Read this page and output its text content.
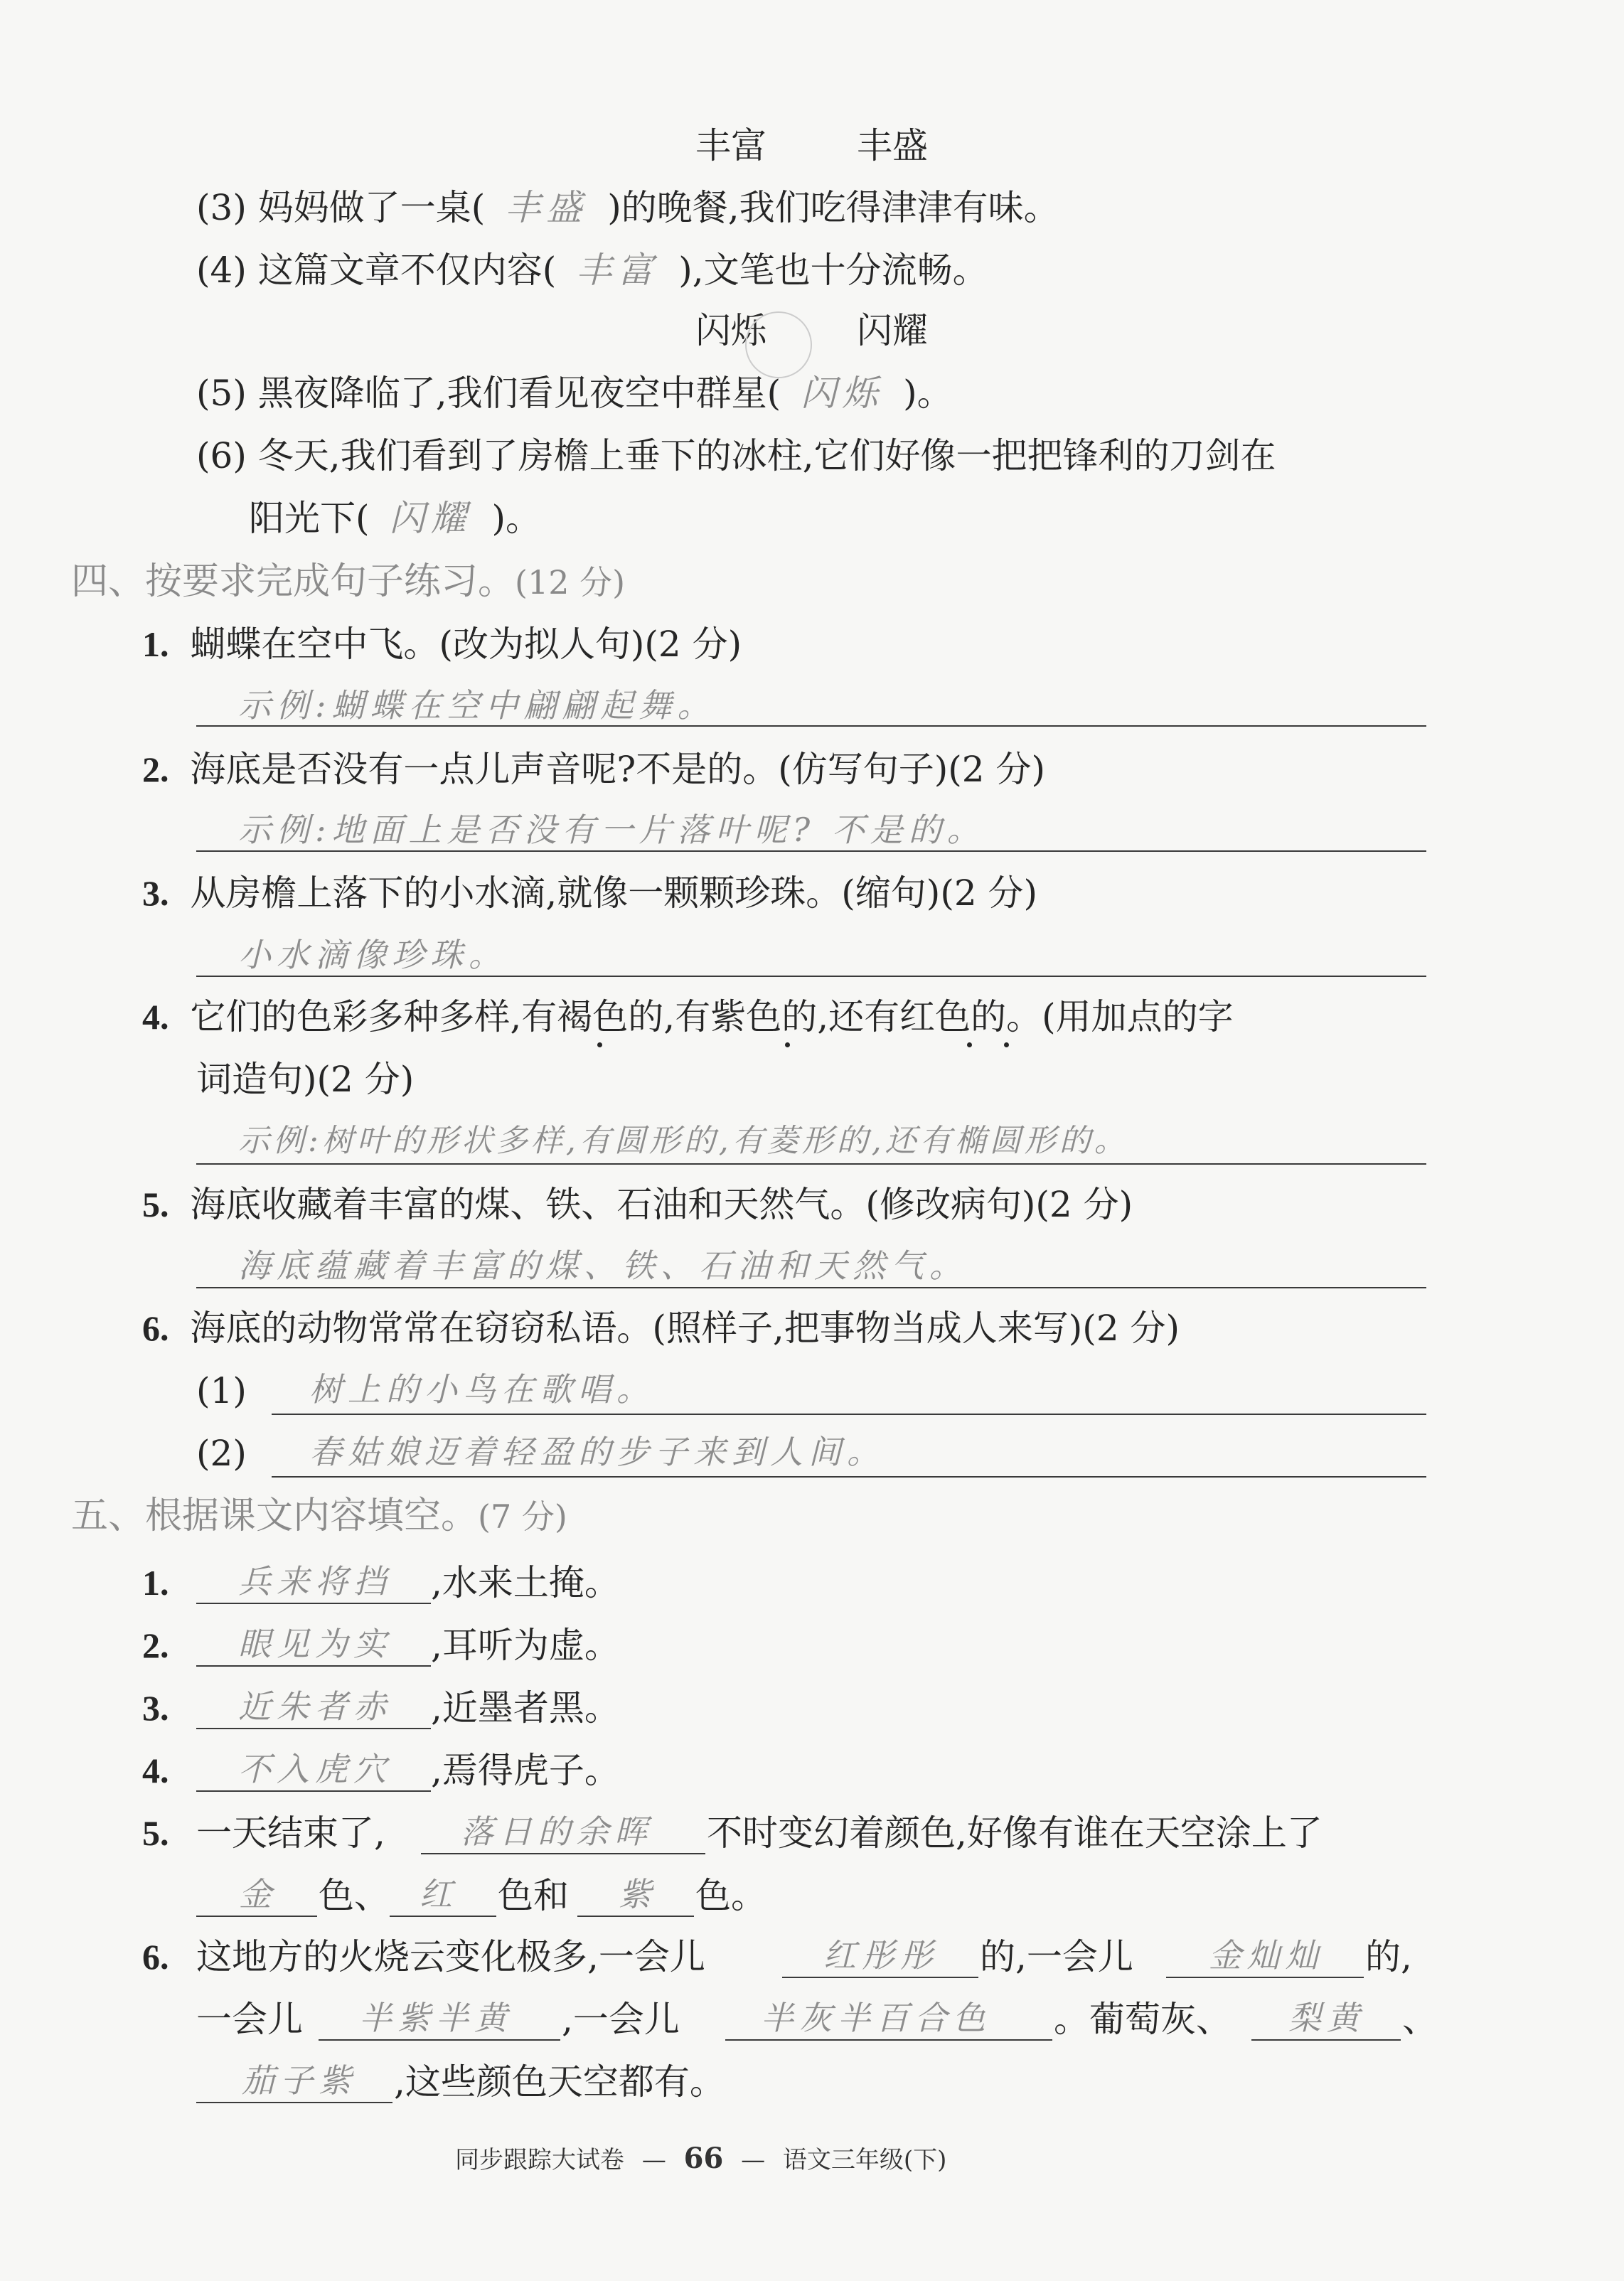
丰富	丰盛
(3) 妈妈做了一桌( 丰盛 )的晚餐,我们吃得津津有味。
(4) 这篇文章不仅内容( 丰富 ),文笔也十分流畅。
闪烁	闪耀
(5) 黑夜降临了,我们看见夜空中群星( 闪烁 )。
(6) 冬天,我们看到了房檐上垂下的冰柱,它们好像一把把锋利的刀剑在
阳光下( 闪耀 )。
四、按要求完成句子练习。(12 分)
1. 蝴蝶在空中飞。(改为拟人句)(2 分)
示例:蝴蝶在空中翩翩起舞。
2. 海底是否没有一点儿声音呢?不是的。(仿写句子)(2 分)
示例:地面上是否没有一片落叶呢? 不是的。
3. 从房檐上落下的小水滴,就像一颗颗珍珠。(缩句)(2 分)
小水滴像珍珠。
4. 它们的色彩多种多样,有褐色的,有紫色的,还有红色的。(用加点的字
词造句)(2 分)
示例:树叶的形状多样,有圆形的,有菱形的,还有椭圆形的。
5. 海底收藏着丰富的煤、铁、石油和天然气。(修改病句)(2 分)
海底蕴藏着丰富的煤、铁、石油和天然气。
6. 海底的动物常常在窃窃私语。(照样子,把事物当成人来写)(2 分)
(1) 树上的小鸟在歌唱。
(2) 春姑娘迈着轻盈的步子来到人间。
五、根据课文内容填空。(7 分)
1. 兵来将挡 ,水来土掩。
2. 眼见为实 ,耳听为虚。
3. 近朱者赤 ,近墨者黑。
4. 不入虎穴 ,焉得虎子。
5. 一天结束了, 落日的余晖 不时变幻着颜色,好像有谁在天空涂上了
金 色、 红 色和 紫 色。
6. 这地方的火烧云变化极多,一会儿	红彤彤 的,一会儿 金灿灿 的,
一会儿 半紫半黄 ,一会儿 半灰半百合色 。葡萄灰、 梨黄 、
茄子紫 ,这些颜色天空都有。
同步跟踪大试卷 — 66 — 语文三年级(下)
